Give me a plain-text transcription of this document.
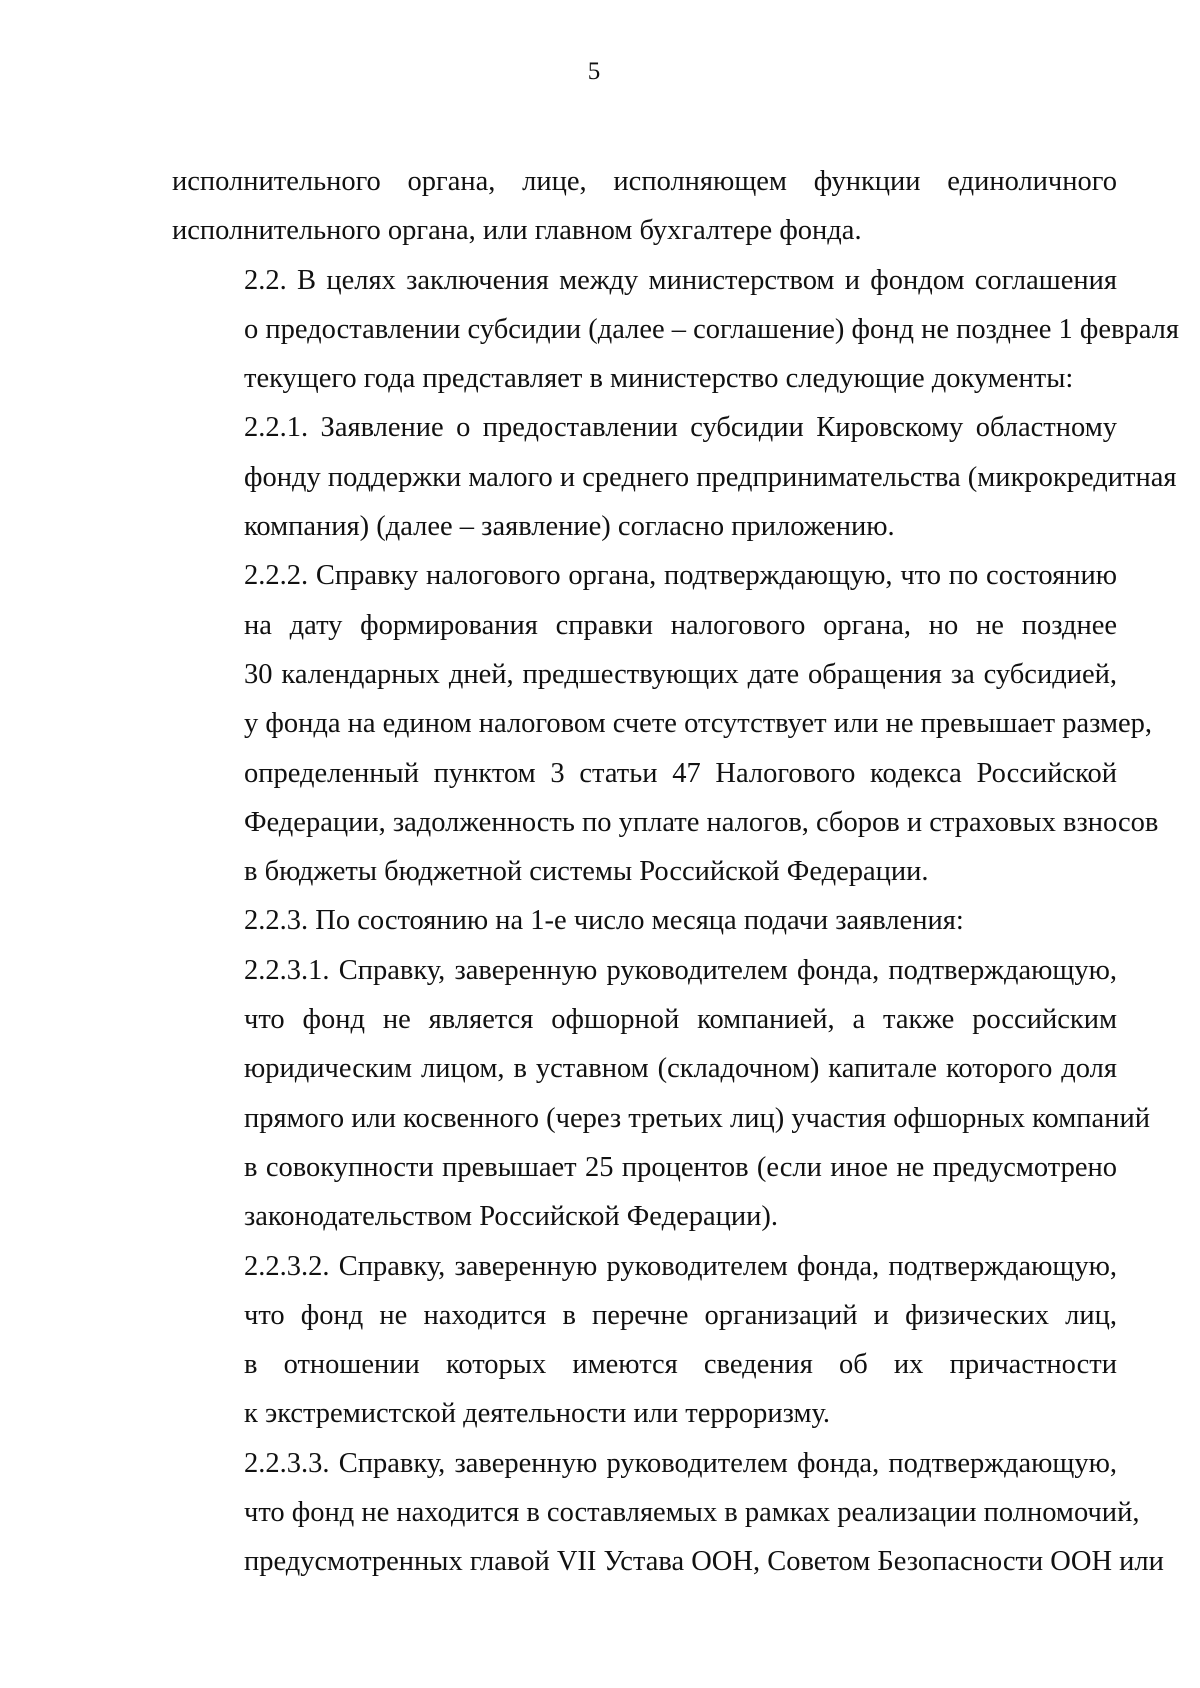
5

исполнительного органа, лице, исполняющем функции единоличного
исполнительного органа, или главном бухгалтере фонда.

2.2. В целях заключения между министерством и фондом соглашения
о предоставлении субсидии (далее – соглашение) фонд не позднее 1 февраля
текущего года представляет в министерство следующие документы:

2.2.1. Заявление о предоставлении субсидии Кировскому областному
фонду поддержки малого и среднего предпринимательства (микрокредитная
компания) (далее – заявление) согласно приложению.

2.2.2. Справку налогового органа, подтверждающую, что по состоянию
на дату формирования справки налогового органа, но не позднее
30 календарных дней, предшествующих дате обращения за субсидией,
у фонда на едином налоговом счете отсутствует или не превышает размер,
определенный пунктом 3 статьи 47 Налогового кодекса Российской
Федерации, задолженность по уплате налогов, сборов и страховых взносов
в бюджеты бюджетной системы Российской Федерации.

2.2.3. По состоянию на 1-е число месяца подачи заявления:

2.2.3.1. Справку, заверенную руководителем фонда, подтверждающую,
что фонд не является офшорной компанией, а также российским
юридическим лицом, в уставном (складочном) капитале которого доля
прямого или косвенного (через третьих лиц) участия офшорных компаний
в совокупности превышает 25 процентов (если иное не предусмотрено
законодательством Российской Федерации).

2.2.3.2. Справку, заверенную руководителем фонда, подтверждающую,
что фонд не находится в перечне организаций и физических лиц,
в отношении которых имеются сведения об их причастности
к экстремистской деятельности или терроризму.

2.2.3.3. Справку, заверенную руководителем фонда, подтверждающую,
что фонд не находится в составляемых в рамках реализации полномочий,
предусмотренных главой VII Устава ООН, Советом Безопасности ООН или
